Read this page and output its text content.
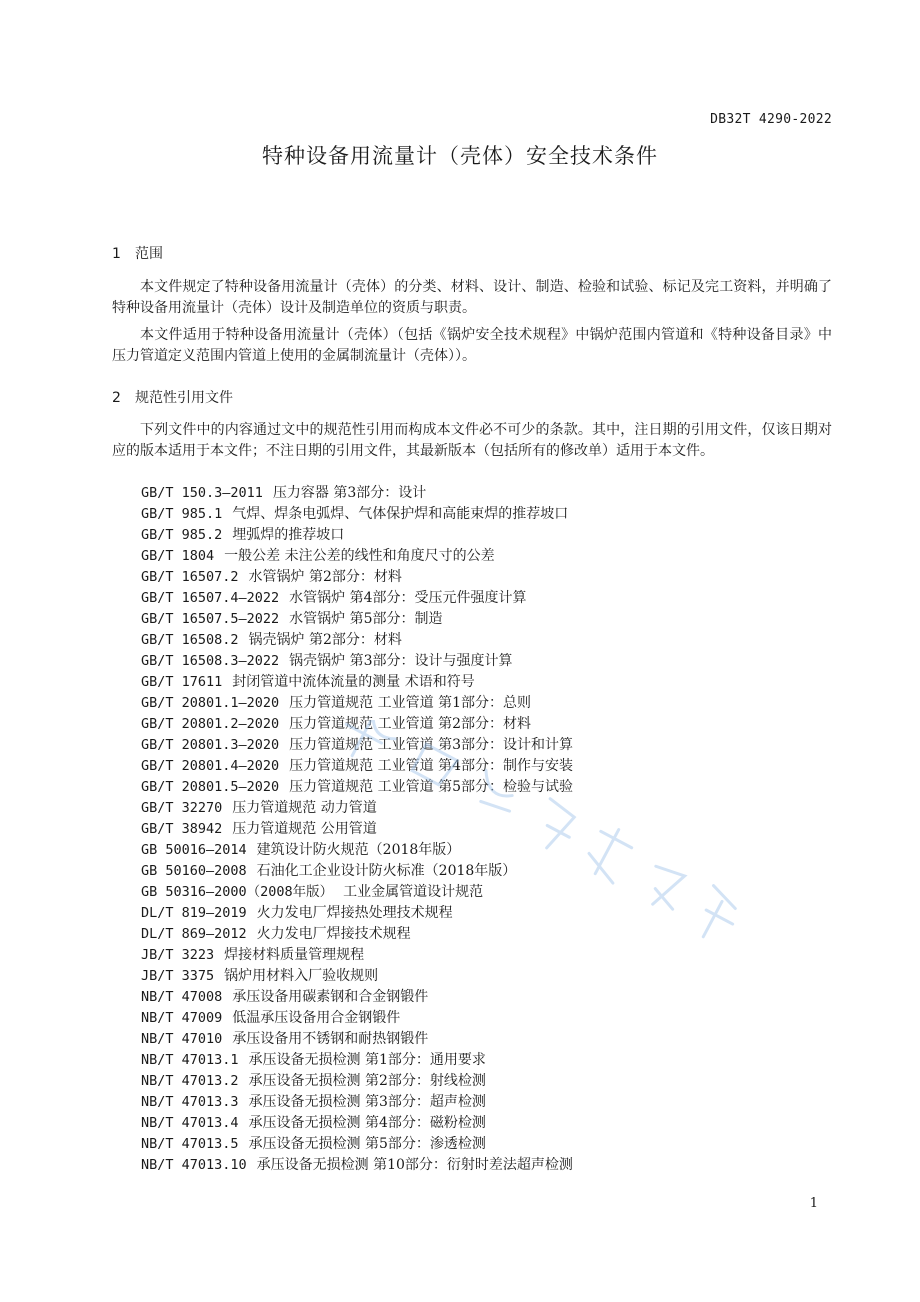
DB32T 4290-2022
特种设备用流量计（壳体）安全技术条件
1 范围
本文件规定了特种设备用流量计（壳体）的分类、材料、设计、制造、检验和试验、标记及完工资料，并明确了特种设备用流量计（壳体）设计及制造单位的资质与职责。
本文件适用于特种设备用流量计（壳体）（包括《锅炉安全技术规程》中锅炉范围内管道和《特种设备目录》中压力管道定义范围内管道上使用的金属制流量计（壳体））。
2 规范性引用文件
下列文件中的内容通过文中的规范性引用而构成本文件必不可少的条款。其中，注日期的引用文件，仅该日期对应的版本适用于本文件；不注日期的引用文件，其最新版本（包括所有的修改单）适用于本文件。
GB/T 150.3—2011 压力容器 第3部分：设计
GB/T 985.1 气焊、焊条电弧焊、气体保护焊和高能束焊的推荐坡口
GB/T 985.2 埋弧焊的推荐坡口
GB/T 1804 一般公差 未注公差的线性和角度尺寸的公差
GB/T 16507.2 水管锅炉 第2部分：材料
GB/T 16507.4—2022 水管锅炉 第4部分：受压元件强度计算
GB/T 16507.5—2022 水管锅炉 第5部分：制造
GB/T 16508.2 锅壳锅炉 第2部分：材料
GB/T 16508.3—2022 锅壳锅炉 第3部分：设计与强度计算
GB/T 17611 封闭管道中流体流量的测量 术语和符号
GB/T 20801.1—2020 压力管道规范 工业管道 第1部分：总则
GB/T 20801.2—2020 压力管道规范 工业管道 第2部分：材料
GB/T 20801.3—2020 压力管道规范 工业管道 第3部分：设计和计算
GB/T 20801.4—2020 压力管道规范 工业管道 第4部分：制作与安装
GB/T 20801.5—2020 压力管道规范 工业管道 第5部分：检验与试验
GB/T 32270 压力管道规范 动力管道
GB/T 38942 压力管道规范 公用管道
GB 50016—2014 建筑设计防火规范（2018年版）
GB 50160—2008 石油化工企业设计防火标准（2018年版）
GB 50316—2000（2008年版） 工业金属管道设计规范
DL/T 819—2019 火力发电厂焊接热处理技术规程
DL/T 869—2012 火力发电厂焊接技术规程
JB/T 3223 焊接材料质量管理规程
JB/T 3375 锅炉用材料入厂验收规则
NB/T 47008 承压设备用碳素钢和合金钢锻件
NB/T 47009 低温承压设备用合金钢锻件
NB/T 47010 承压设备用不锈钢和耐热钢锻件
NB/T 47013.1 承压设备无损检测 第1部分：通用要求
NB/T 47013.2 承压设备无损检测 第2部分：射线检测
NB/T 47013.3 承压设备无损检测 第3部分：超声检测
NB/T 47013.4 承压设备无损检测 第4部分：磁粉检测
NB/T 47013.5 承压设备无损检测 第5部分：渗透检测
NB/T 47013.10 承压设备无损检测 第10部分：衍射时差法超声检测
1
